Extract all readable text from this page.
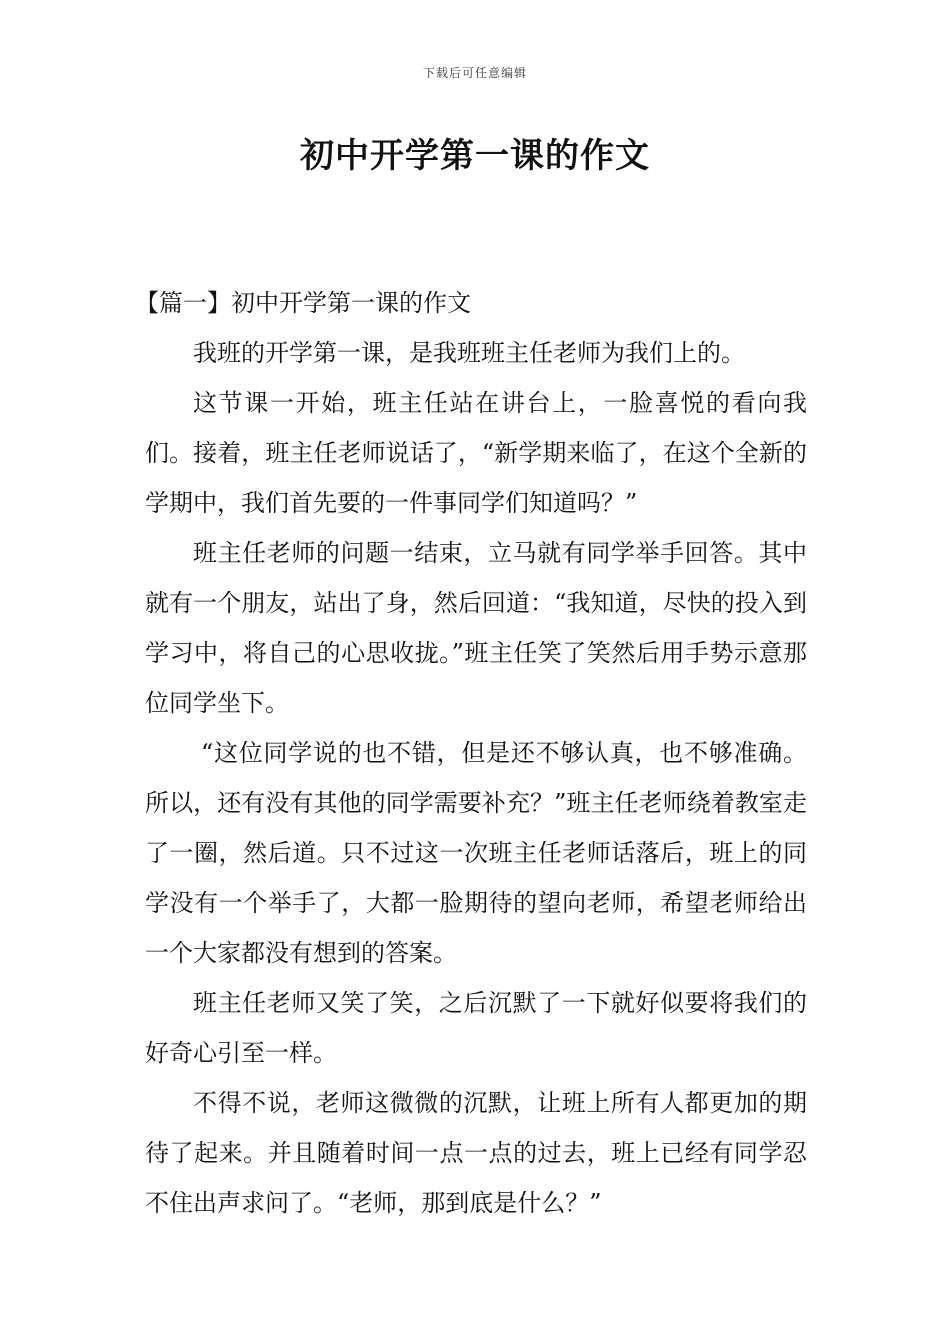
下载后可任意编辑
初中开学第一课的作文
【篇一】初中开学第一课的作文

我班的开学第一课，是我班班主任老师为我们上的。

这节课一开始，班主任站在讲台上，一脸喜悦的看向我们。接着，班主任老师说话了，“新学期来临了，在这个全新的学期中，我们首先要的一件事同学们知道吗？”

班主任老师的问题一结束，立马就有同学举手回答。其中就有一个朋友，站出了身，然后回道：“我知道，尽快的投入到学习中，将自己的心思收拢。”班主任笑了笑然后用手势示意那位同学坐下。

“这位同学说的也不错，但是还不够认真，也不够准确。所以，还有没有其他的同学需要补充？”班主任老师绕着教室走了一圈，然后道。只不过这一次班主任老师话落后，班上的同学没有一个举手了，大都一脸期待的望向老师，希望老师给出一个大家都没有想到的答案。

班主任老师又笑了笑，之后沉默了一下就好似要将我们的好奇心引至一样。

不得不说，老师这微微的沉默，让班上所有人都更加的期待了起来。并且随着时间一点一点的过去，班上已经有同学忍不住出声求问了。“老师，那到底是什么？”
